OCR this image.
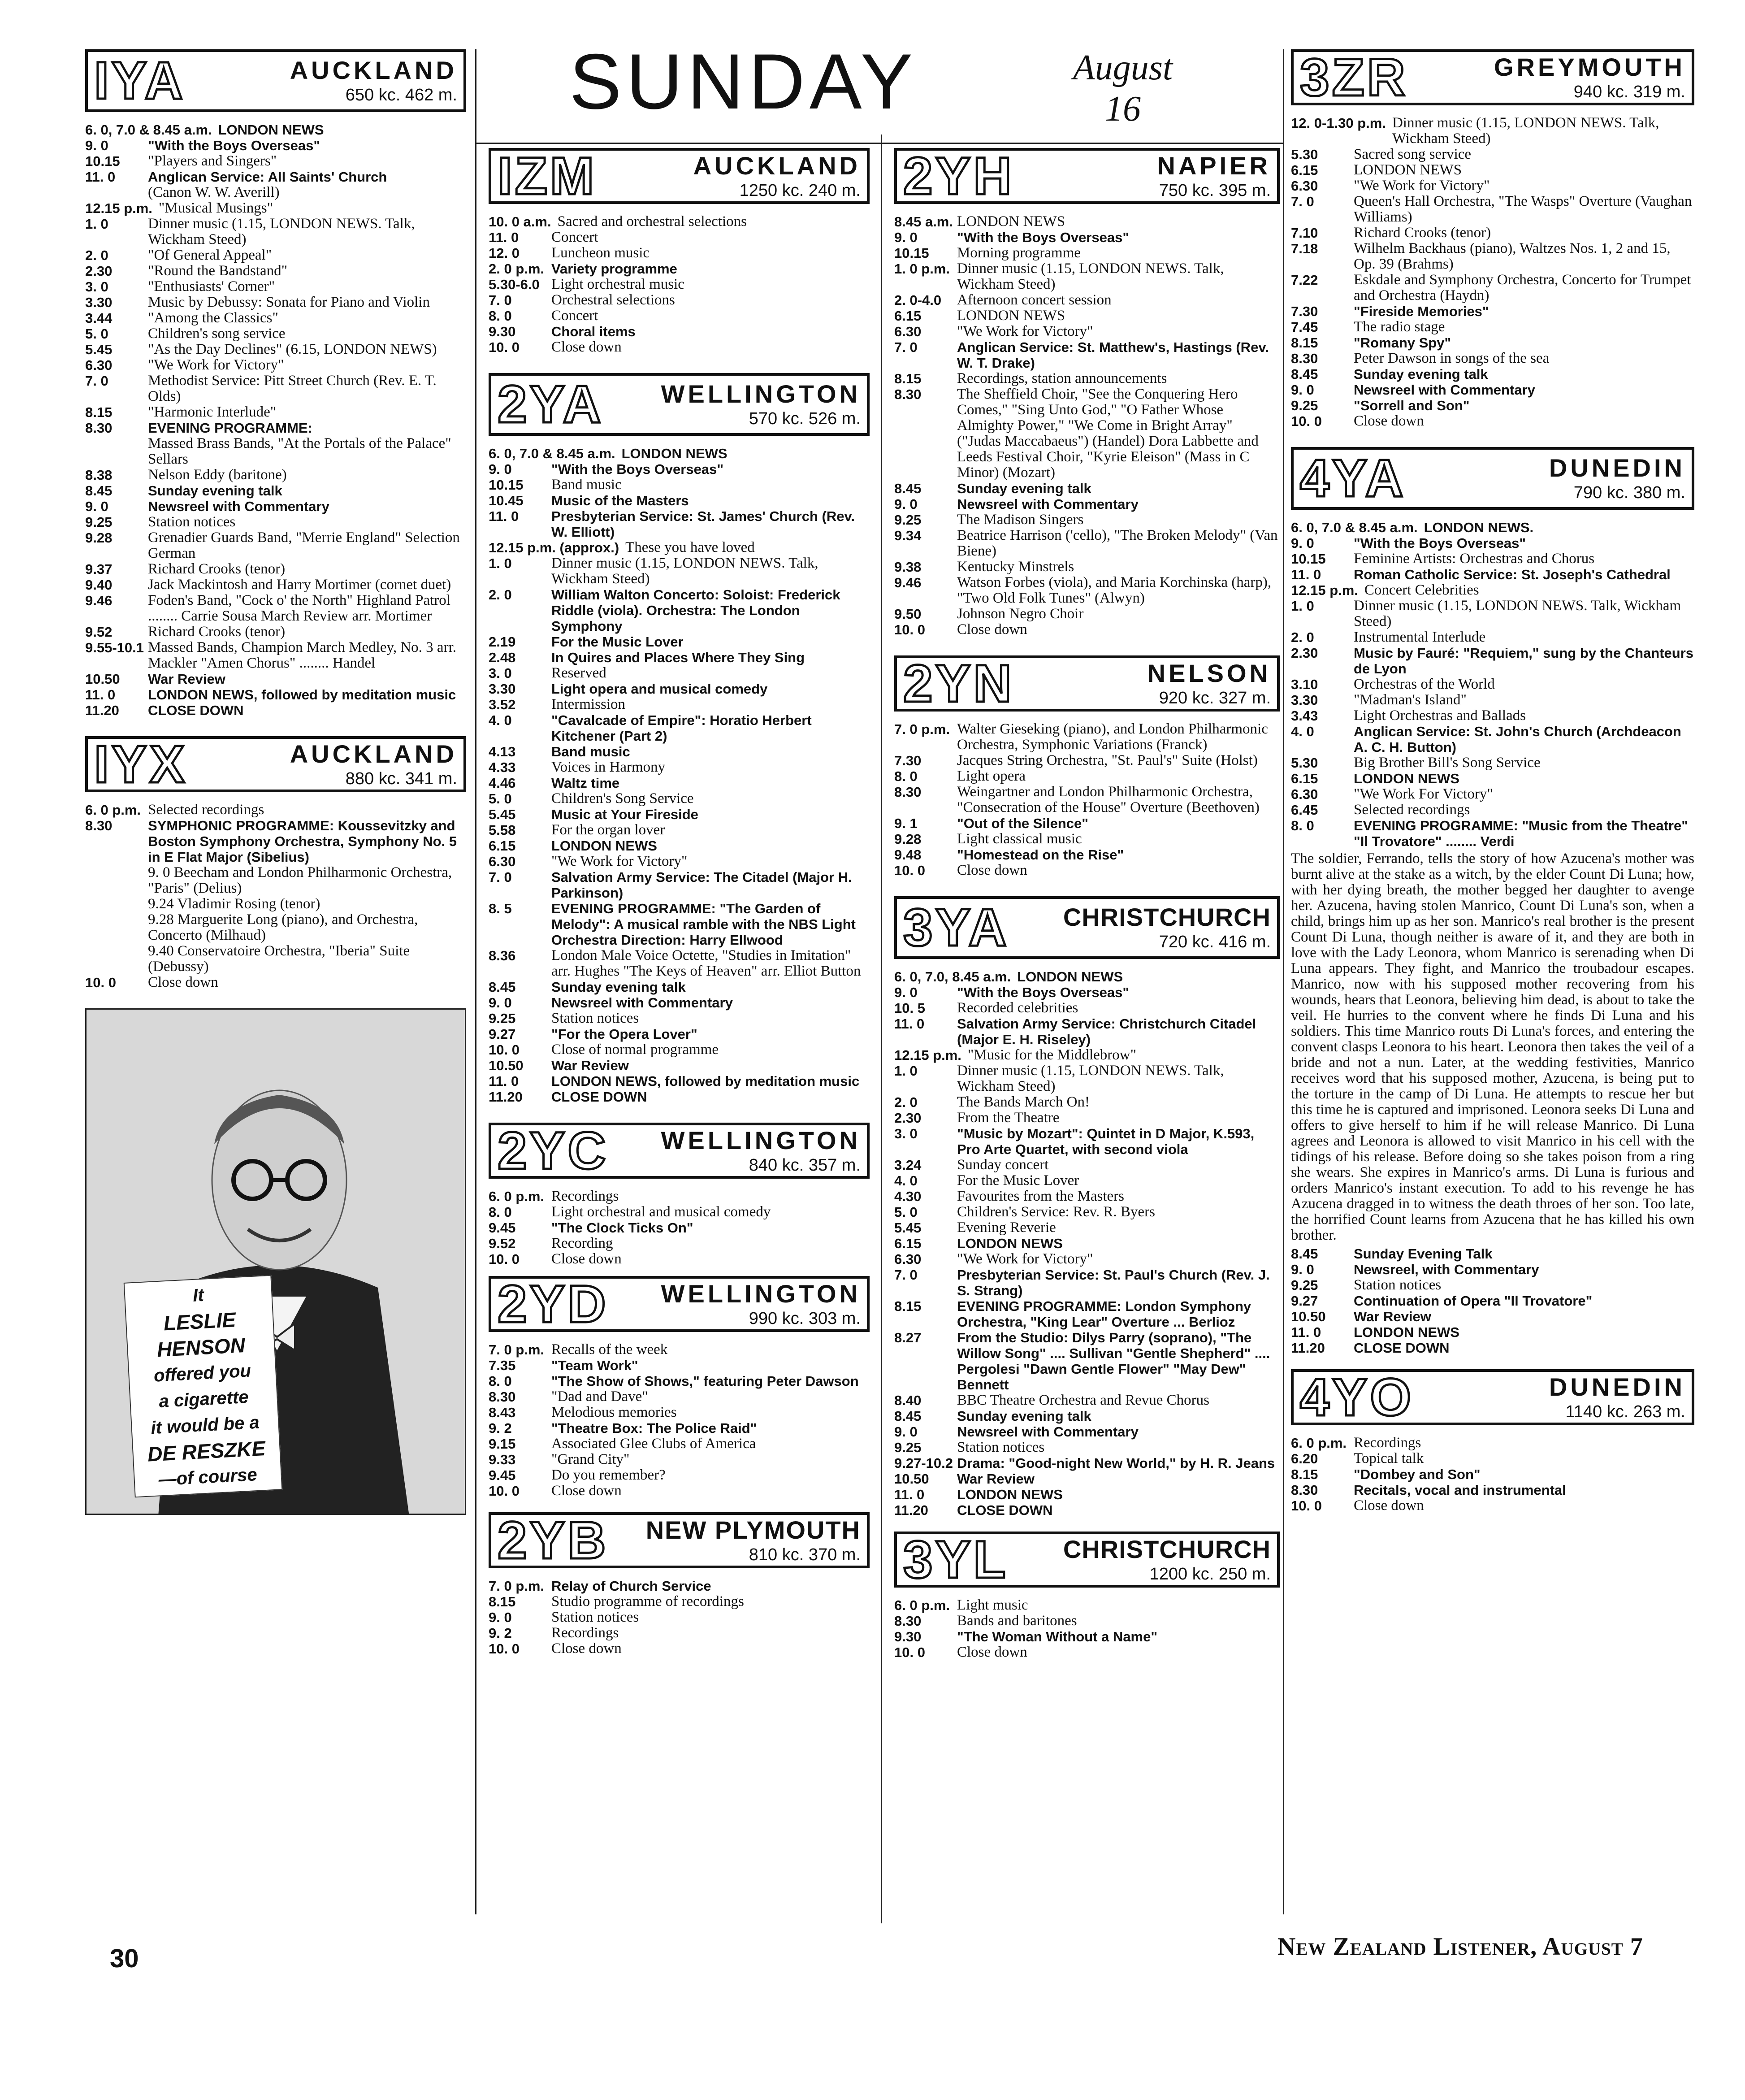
SUNDAY	August
16
IYA	AUCKLAND
650 kc. 462 m.
6. 0, 7.0 & 8.45 a.m. LONDON NEWS
9. 0	"With the Boys Overseas"
10.15	"Players and Singers"
11. 0	Anglican Service: All Saints' Church
(Canon W. W. Averill)
12.15 p.m. "Musical Musings"
1. 0	Dinner music (1.15, LONDON NEWS. Talk, Wickham Steed)
2. 0	"Of General Appeal"
2.30	"Round the Bandstand"
3. 0	"Enthusiasts' Corner"
3.30	Music by Debussy: Sonata for Piano and Violin
3.44	"Among the Classics"
5. 0	Children's song service
5.45	"As the Day Declines" (6.15, LONDON NEWS)
6.30	"We Work for Victory"
7. 0	Methodist Service: Pitt Street Church (Rev. E. T. Olds)
8.15	"Harmonic Interlude"
8.30	EVENING PROGRAMME:
Massed Brass Bands, "At the Portals of the Palace" Sellars
8.38	Nelson Eddy (baritone)
8.45	Sunday evening talk
9. 0	Newsreel with Commentary
9.25	Station notices
9.28	Grenadier Guards Band, "Merrie England" Selection German
9.37	Richard Crooks (tenor)
9.40	Jack Mackintosh and Harry Mortimer (cornet duet)
9.46	Foden's Band, "Cock o' the North" Highland Patrol ........ Carrie Sousa March Review arr. Mortimer
9.52	Richard Crooks (tenor)
9.55-10.1 Massed Bands, Champion March Medley, No. 3 arr. Mackler "Amen Chorus" ........ Handel
10.50	War Review
11. 0	LONDON NEWS, followed by meditation music
11.20	CLOSE DOWN
IYX	AUCKLAND
880 kc. 341 m.
6. 0 p.m. Selected recordings
8.30	SYMPHONIC PROGRAMME: Koussevitzky and Boston Symphony Orchestra, Symphony No. 5 in E Flat Major (Sibelius)
9. 0 Beecham and London Philharmonic Orchestra, "Paris" (Delius)
9.24 Vladimir Rosing (tenor)
9.28 Marguerite Long (piano), and Orchestra, Concerto (Milhaud)
9.40 Conservatoire Orchestra, "Iberia" Suite (Debussy)
10. 0	Close down
It
LESLIE
HENSON
offered you
a cigarette
it would be a
DE RESZKE
—of course
IZM	AUCKLAND
1250 kc. 240 m.
10. 0 a.m. Sacred and orchestral selections
11. 0	Concert
12. 0	Luncheon music
2. 0 p.m. Variety programme
5.30-6.0 Light orchestral music
7. 0	Orchestral selections
8. 0	Concert
9.30	Choral items
10. 0	Close down
2YA WELLINGTON
570 kc. 526 m.
6. 0, 7.0 & 8.45 a.m. LONDON NEWS
9. 0	"With the Boys Overseas"
10.15	Band music
10.45	Music of the Masters
11. 0	Presbyterian Service: St. James' Church (Rev. W. Elliott)
12.15 p.m. (approx.) These you have loved
1. 0	Dinner music (1.15, LONDON NEWS. Talk, Wickham Steed)
2. 0	William Walton Concerto: Soloist: Frederick Riddle (viola). Orchestra: The London Symphony
2.19	For the Music Lover
2.48	In Quires and Places Where They Sing
3. 0	Reserved
3.30	Light opera and musical comedy
3.52	Intermission
4. 0	"Cavalcade of Empire": Horatio Herbert Kitchener (Part 2)
4.13	Band music
4.33	Voices in Harmony
4.46	Waltz time
5. 0	Children's Song Service
5.45	Music at Your Fireside
5.58	For the organ lover
6.15	LONDON NEWS
6.30	"We Work for Victory"
7. 0	Salvation Army Service: The Citadel (Major H. Parkinson)
8. 5	EVENING PROGRAMME: "The Garden of Melody": A musical ramble with the NBS Light Orchestra Direction: Harry Ellwood
8.36	London Male Voice Octette, "Studies in Imitation" arr. Hughes "The Keys of Heaven" arr. Elliot Button
8.45	Sunday evening talk
9. 0	Newsreel with Commentary
9.25	Station notices
9.27	"For the Opera Lover"
10. 0	Close of normal programme
10.50	War Review
11. 0	LONDON NEWS, followed by meditation music
11.20	CLOSE DOWN
2YC WELLINGTON
840 kc. 357 m.
6. 0 p.m. Recordings
8. 0	Light orchestral and musical comedy
9.45	"The Clock Ticks On"
9.52	Recording
10. 0	Close down
2YD WELLINGTON
990 kc. 303 m.
7. 0 p.m. Recalls of the week
7.35	"Team Work"
8. 0	"The Show of Shows," featuring Peter Dawson
8.30	"Dad and Dave"
8.43	Melodious memories
9. 2	"Theatre Box: The Police Raid"
9.15	Associated Glee Clubs of America
9.33	"Grand City"
9.45	Do you remember?
10. 0	Close down
2YB NEW PLYMOUTH
810 kc. 370 m.
7. 0 p.m. Relay of Church Service
8.15	Studio programme of recordings
9. 0	Station notices
9. 2	Recordings
10. 0	Close down
2YH	NAPIER
750 kc. 395 m.
8.45 a.m. LONDON NEWS
9. 0	"With the Boys Overseas"
10.15	Morning programme
1. 0 p.m. Dinner music (1.15, LONDON NEWS. Talk, Wickham Steed)
2. 0-4.0	Afternoon concert session
6.15	LONDON NEWS
6.30	"We Work for Victory"
7. 0	Anglican Service: St. Matthew's, Hastings (Rev. W. T. Drake)
8.15	Recordings, station announcements
8.30	The Sheffield Choir, "See the Conquering Hero Comes," "Sing Unto God," "O Father Whose Almighty Power," "We Come in Bright Array" ("Judas Maccabaeus") (Handel) Dora Labbette and Leeds Festival Choir, "Kyrie Eleison" (Mass in C Minor) (Mozart)
8.45	Sunday evening talk
9. 0	Newsreel with Commentary
9.25	The Madison Singers
9.34	Beatrice Harrison ('cello), "The Broken Melody" (Van Biene)
9.38	Kentucky Minstrels
9.46	Watson Forbes (viola), and Maria Korchinska (harp), "Two Old Folk Tunes" (Alwyn)
9.50	Johnson Negro Choir
10. 0	Close down
2YN	NELSON
920 kc. 327 m.
7. 0 p.m. Walter Gieseking (piano), and London Philharmonic Orchestra, Symphonic Variations (Franck)
7.30	Jacques String Orchestra, "St. Paul's" Suite (Holst)
8. 0	Light opera
8.30	Weingartner and London Philharmonic Orchestra, "Consecration of the House" Overture (Beethoven)
9. 1	"Out of the Silence"
9.28	Light classical music
9.48	"Homestead on the Rise"
10. 0	Close down
3YA CHRISTCHURCH
720 kc. 416 m.
6. 0, 7.0, 8.45 a.m. LONDON NEWS
9. 0	"With the Boys Overseas"
10. 5	Recorded celebrities
11. 0	Salvation Army Service: Christchurch Citadel (Major E. H. Riseley)
12.15 p.m. "Music for the Middlebrow"
1. 0	Dinner music (1.15, LONDON NEWS. Talk, Wickham Steed)
2. 0	The Bands March On!
2.30	From the Theatre
3. 0	"Music by Mozart": Quintet in D Major, K.593, Pro Arte Quartet, with second viola
3.24	Sunday concert
4. 0	For the Music Lover
4.30	Favourites from the Masters
5. 0	Children's Service: Rev. R. Byers
5.45	Evening Reverie
6.15	LONDON NEWS
6.30	"We Work for Victory"
7. 0	Presbyterian Service: St. Paul's Church (Rev. J. S. Strang)
8.15	EVENING PROGRAMME: London Symphony Orchestra, "King Lear" Overture ... Berlioz
8.27	From the Studio: Dilys Parry (soprano), "The Willow Song" .... Sullivan "Gentle Shepherd" .... Pergolesi "Dawn Gentle Flower" "May Dew" Bennett
8.40	BBC Theatre Orchestra and Revue Chorus
8.45	Sunday evening talk
9. 0	Newsreel with Commentary
9.25	Station notices
9.27-10.2 Drama: "Good-night New World," by H. R. Jeans
10.50	War Review
11. 0	LONDON NEWS
11.20	CLOSE DOWN
3YL CHRISTCHURCH
1200 kc. 250 m.
6. 0 p.m. Light music
8.30	Bands and baritones
9.30	"The Woman Without a Name"
10. 0	Close down
3ZR	GREYMOUTH
940 kc. 319 m.
12. 0-1.30 p.m. Dinner music (1.15, LONDON NEWS. Talk, Wickham Steed)
5.30	Sacred song service
6.15	LONDON NEWS
6.30	"We Work for Victory"
7. 0	Queen's Hall Orchestra, "The Wasps" Overture (Vaughan Williams)
7.10	Richard Crooks (tenor)
7.18	Wilhelm Backhaus (piano), Waltzes Nos. 1, 2 and 15, Op. 39 (Brahms)
7.22	Eskdale and Symphony Orchestra, Concerto for Trumpet and Orchestra (Haydn)
7.30	"Fireside Memories"
7.45	The radio stage
8.15	"Romany Spy"
8.30	Peter Dawson in songs of the sea
8.45	Sunday evening talk
9. 0	Newsreel with Commentary
9.25	"Sorrell and Son"
10. 0	Close down
4YA	DUNEDIN
790 kc. 380 m.
6. 0, 7.0 & 8.45 a.m. LONDON NEWS.
9. 0	"With the Boys Overseas"
10.15	Feminine Artists: Orchestras and Chorus
11. 0	Roman Catholic Service: St. Joseph's Cathedral
12.15 p.m. Concert Celebrities
1. 0	Dinner music (1.15, LONDON NEWS. Talk, Wickham Steed)
2. 0	Instrumental Interlude
2.30	Music by Fauré: "Requiem," sung by the Chanteurs de Lyon
3.10	Orchestras of the World
3.30	"Madman's Island"
3.43	Light Orchestras and Ballads
4. 0	Anglican Service: St. John's Church (Archdeacon A. C. H. Button)
5.30	Big Brother Bill's Song Service
6.15	LONDON NEWS
6.30	"We Work For Victory"
6.45	Selected recordings
8. 0	EVENING PROGRAMME: "Music from the Theatre" "Il Trovatore" ........ Verdi

The soldier, Ferrando, tells the story of how Azucena's mother was burnt alive at the stake as a witch, by the elder Count Di Luna; how, with her dying breath, the mother begged her daughter to avenge her. Azucena, having stolen Manrico, Count Di Luna's son, when a child, brings him up as her son. Manrico's real brother is the present Count Di Luna, though neither is aware of it, and they are both in love with the Lady Leonora, whom Manrico is serenading when Di Luna appears. They fight, and Manrico the troubadour escapes. Manrico, now with his supposed mother recovering from his wounds, hears that Leonora, believing him dead, is about to take the veil. He hurries to the convent where he finds Di Luna and his soldiers. This time Manrico routs Di Luna's forces, and entering the convent clasps Leonora to his heart. Leonora then takes the veil of a bride and not a nun. Later, at the wedding festivities, Manrico receives word that his supposed mother, Azucena, is being put to the torture in the camp of Di Luna. He attempts to rescue her but this time he is captured and imprisoned. Leonora seeks Di Luna and offers to give herself to him if he will release Manrico. Di Luna agrees and Leonora is allowed to visit Manrico in his cell with the tidings of his release. Before doing so she takes poison from a ring she wears. She expires in Manrico's arms. Di Luna is furious and orders Manrico's instant execution. To add to his revenge he has Azucena dragged in to witness the death throes of her son. Too late, the horrified Count learns from Azucena that he has killed his own brother.

8.45	Sunday Evening Talk
9. 0	Newsreel, with Commentary
9.25	Station notices
9.27	Continuation of Opera "Il Trovatore"
10.50	War Review
11. 0	LONDON NEWS
11.20	CLOSE DOWN
4YO	DUNEDIN
1140 kc. 263 m.
6. 0 p.m. Recordings
6.20	Topical talk
8.15	"Dombey and Son"
8.30	Recitals, vocal and instrumental
10. 0	Close down
30	New Zealand Listener, August 7
